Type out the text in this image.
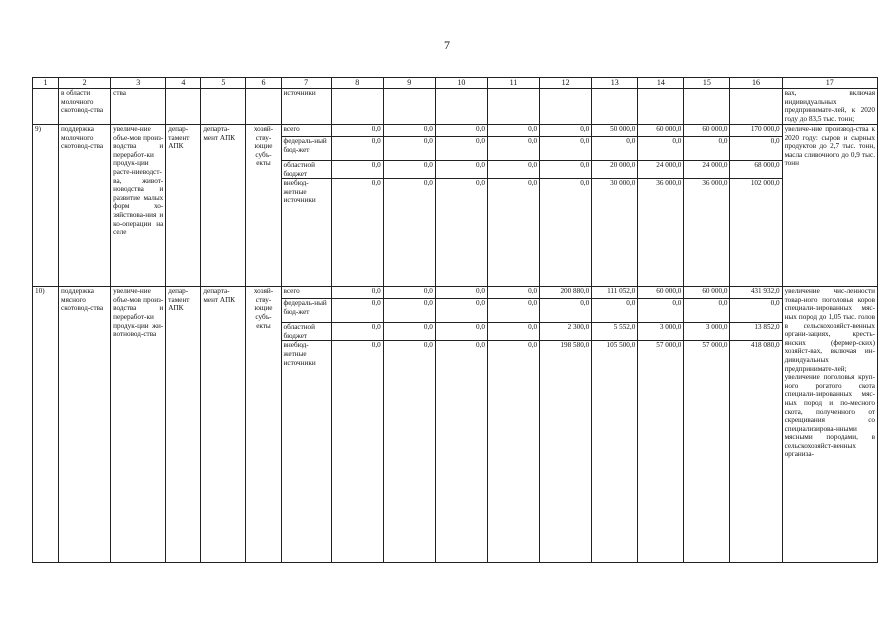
7
1	2	3	4	5	6	7	8	9	10	11	12	13	14	15	16	17
	в области молочного скотовод-ства	ства				источники										вах, включая индивидуальных предпринимате-лей, к 2020 году до 83,5 тыс. тонн;
9)	поддержка молочного скотовод-ства	увеличе-ние объе-мов произ-водства и переработ-ки продук-ции расте-ниеводст-ва, живот-новодства и развитие малых форм хо-зяйствова-ния и ко-операции на селе	депар-тамент АПК	департа-мент АПК	хозяй-ству-ющие субъ-екты	всего	0,0	0,0	0,0	0,0	0,0	50 000,0	60 000,0	60 000,0	170 000,0	увеличе-ние производ-ства к 2020 году: сыров и сырных продуктов до 2,7 тыс. тонн, масла сливочного до 0,9 тыс. тонн
						федераль-ный бюд-жет	0,0	0,0	0,0	0,0	0,0	0,0	0,0	0,0	0,0	
						областной бюджет	0,0	0,0	0,0	0,0	0,0	20 000,0	24 000,0	24 000,0	68 000,0	
						внебюд-жетные источники	0,0	0,0	0,0	0,0	0,0	30 000,0	36 000,0	36 000,0	102 000,0	
10)	поддержка мясного скотовод-ства	увеличе-ние объе-мов произ-водства и переработ-ки продук-ции жи-вотновод-ства	депар-тамент АПК	департа-мент АПК	хозяй-ству-ющие субъ-екты	всего	0,0	0,0	0,0	0,0	200 880,0	111 052,0	60 000,0	60 000,0	431 932,0	увеличение чис-ленности товар-ного поголовья коров специали-зированных мяс-ных пород до 1,05 тыс. голов в сельскохозяйст-венных органи-зациях, кресть-янских (фермер-ских) хозяйст-вах, включая ин-дивидуальных предпринимате-лей; увеличение поголовья круп-ного рогатого скота специали-зированных мяс-ных пород и по-месного скота, полученного от скрещивания со специализирова-нными мясными породами, в сельскохозяйст-венных организа-
						федераль-ный бюд-жет	0,0	0,0	0,0	0,0	0,0	0,0	0,0	0,0	0,0	
						областной бюджет	0,0	0,0	0,0	0,0	2 300,0	5 552,0	3 000,0	3 000,0	13 852,0	
						внебюд-жетные источники	0,0	0,0	0,0	0,0	198 580,0	105 500,0	57 000,0	57 000,0	418 080,0	
